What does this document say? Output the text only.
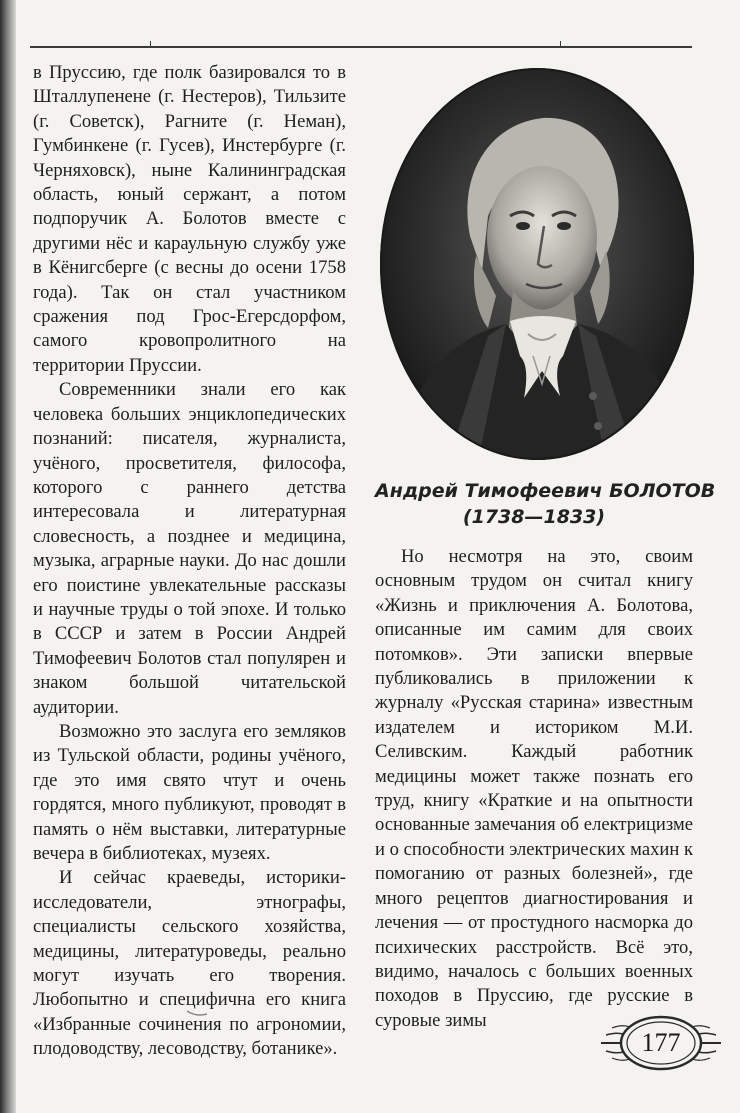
в Пруссию, где полк базировался то в Шталлупенене (г. Нестеров), Тильзите (г. Советск), Рагните (г. Неман), Гумбинкене (г. Гусев), Инстербурге (г. Черняховск), ныне Калининградская область, юный сержант, а потом подпоручик А. Болотов вместе с другими нёс и караульную службу уже в Кёнигсберге (с весны до осени 1758 года). Так он стал участником сражения под Грос-Егерсдорфом, самого кровопролитного на территории Пруссии.

Современники знали его как человека больших энциклопедических познаний: писателя, журналиста, учёного, просветителя, философа, которого с раннего детства интересовала и литературная словесность, а позднее и медицина, музыка, аграрные науки. До нас дошли его поистине увлекательные рассказы и научные труды о той эпохе. И только в СССР и затем в России Андрей Тимофеевич Болотов стал популярен и знаком большой читательской аудитории.

Возможно это заслуга его земляков из Тульской области, родины учёного, где это имя свято чтут и очень гордятся, много публикуют, проводят в память о нём выставки, литературные вечера в библиотеках, музеях.

И сейчас краеведы, историки-исследователи, этнографы, специалисты сельского хозяйства, медицины, литературоведы, реально могут изучать его творения. Любопытно и специфична его книга «Избранные сочинения по агрономии, плодоводству, лесоводству, ботанике».

Андрей Тимофеевич БОЛОТОВ
(1738—1833)

Но несмотря на это, своим основным трудом он считал книгу «Жизнь и приключения А. Болотова, описанные им самим для своих потомков». Эти записки впервые публиковались в приложении к журналу «Русская старина» известным издателем и историком М.И. Селивским. Каждый работник медицины может также познать его труд, книгу «Краткие и на опытности основанные замечания об електрицизме и о способности электрических махин к помоганию от разных болезней», где много рецептов диагностирования и лечения — от простудного насморка до психических расстройств. Всё это, видимо, началось с больших военных походов в Пруссию, где русские в суровые зимы

177
